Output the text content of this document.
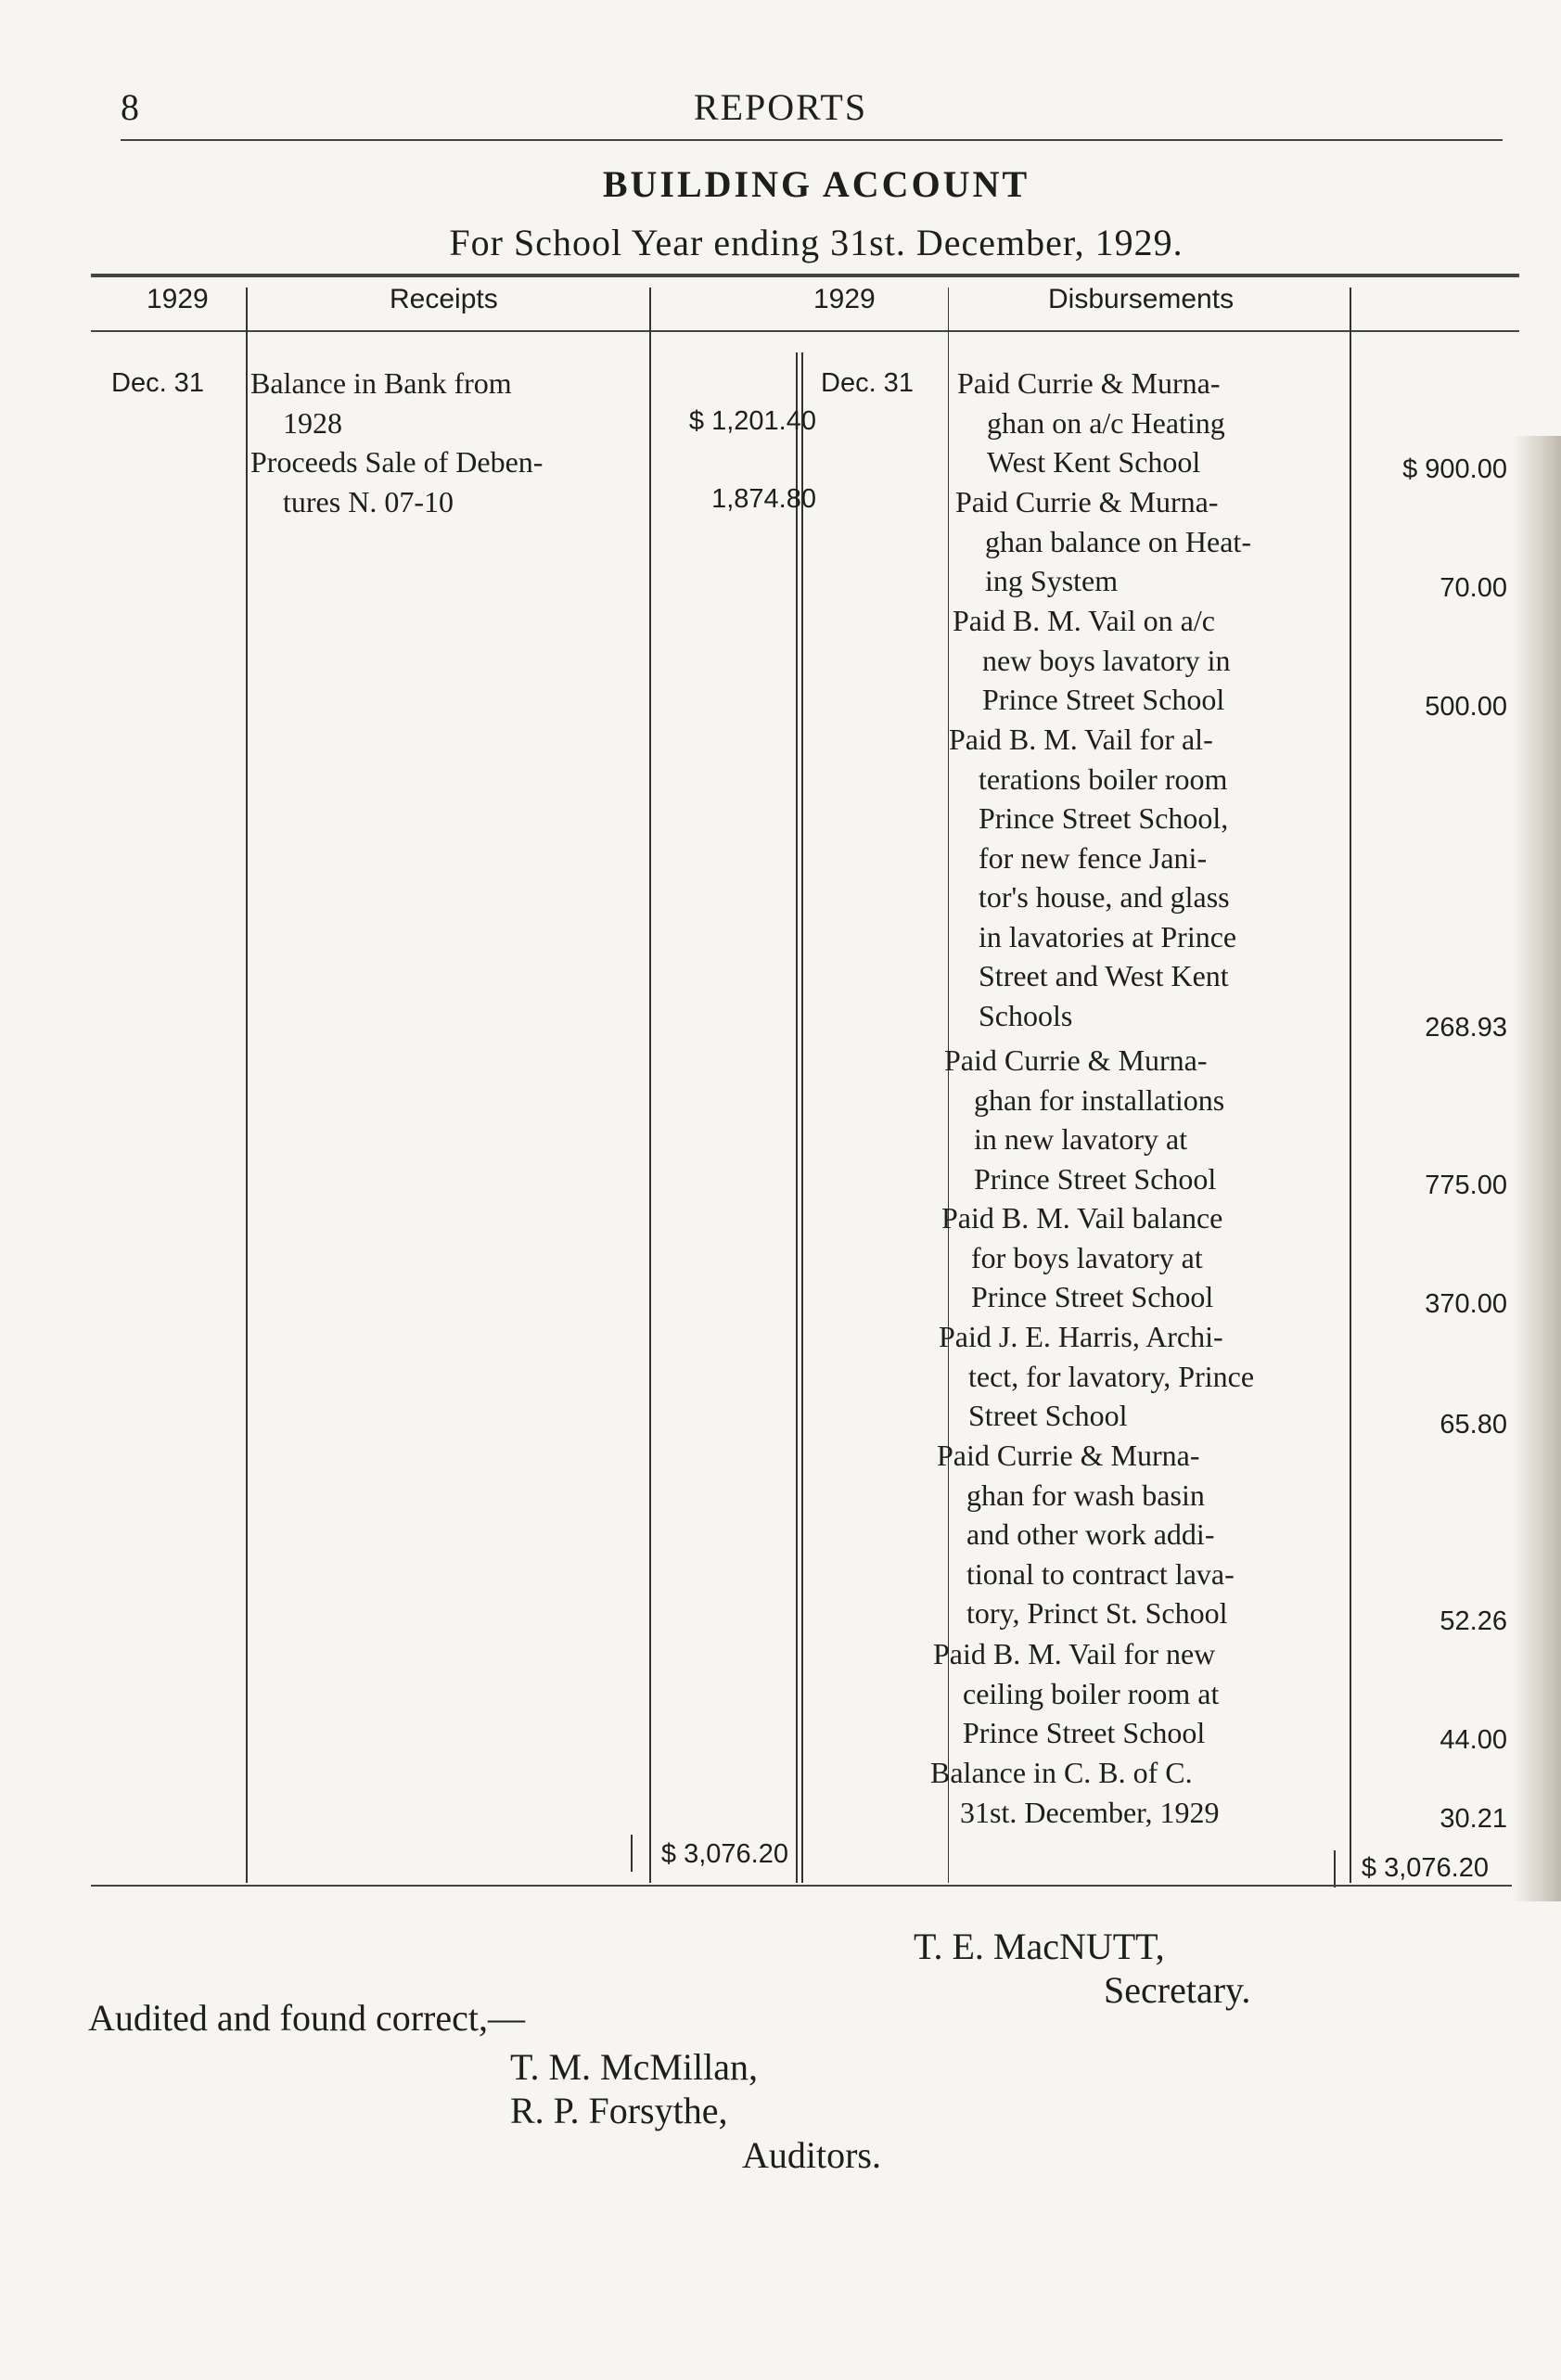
8	REPORTS
BUILDING ACCOUNT
For School Year ending 31st. December, 1929.
1929	Receipts	1929	Disbursements
Dec. 31 Balance in Bank from
1928	$ 1,201.40
Proceeds Sale of Deben-
tures N. 07-10	1,874.80
$ 3,076.20
Dec. 31 Paid Currie & Murna-
ghan on a/c Heating
West Kent School	$ 900.00
Paid Currie & Murna-
ghan balance on Heat-
ing System	70.00
Paid B. M. Vail on a/c
new boys lavatory in
Prince Street School	500.00
Paid B. M. Vail for al-
terations boiler room
Prince Street School,
for new fence Jani-
tor's house, and glass
in lavatories at Prince
Street and West Kent
Schools	268.93
Paid Currie & Murna-
ghan for installations
in new lavatory at
Prince Street School	775.00
Paid B. M. Vail balance
for boys lavatory at
Prince Street School	370.00
Paid J. E. Harris, Archi-
tect, for lavatory, Prince
Street School	65.80
Paid Currie & Murna-
ghan for wash basin
and other work addi-
tional to contract lava-
tory, Princt St. School	52.26
Paid B. M. Vail for new
ceiling boiler room at
Prince Street School	44.00
Balance in C. B. of C.
31st. December, 1929	30.21
$ 3,076.20
T. E. MacNUTT,
Secretary.
Audited and found correct,—
T. M. McMillan,
R. P. Forsythe,
Auditors.
